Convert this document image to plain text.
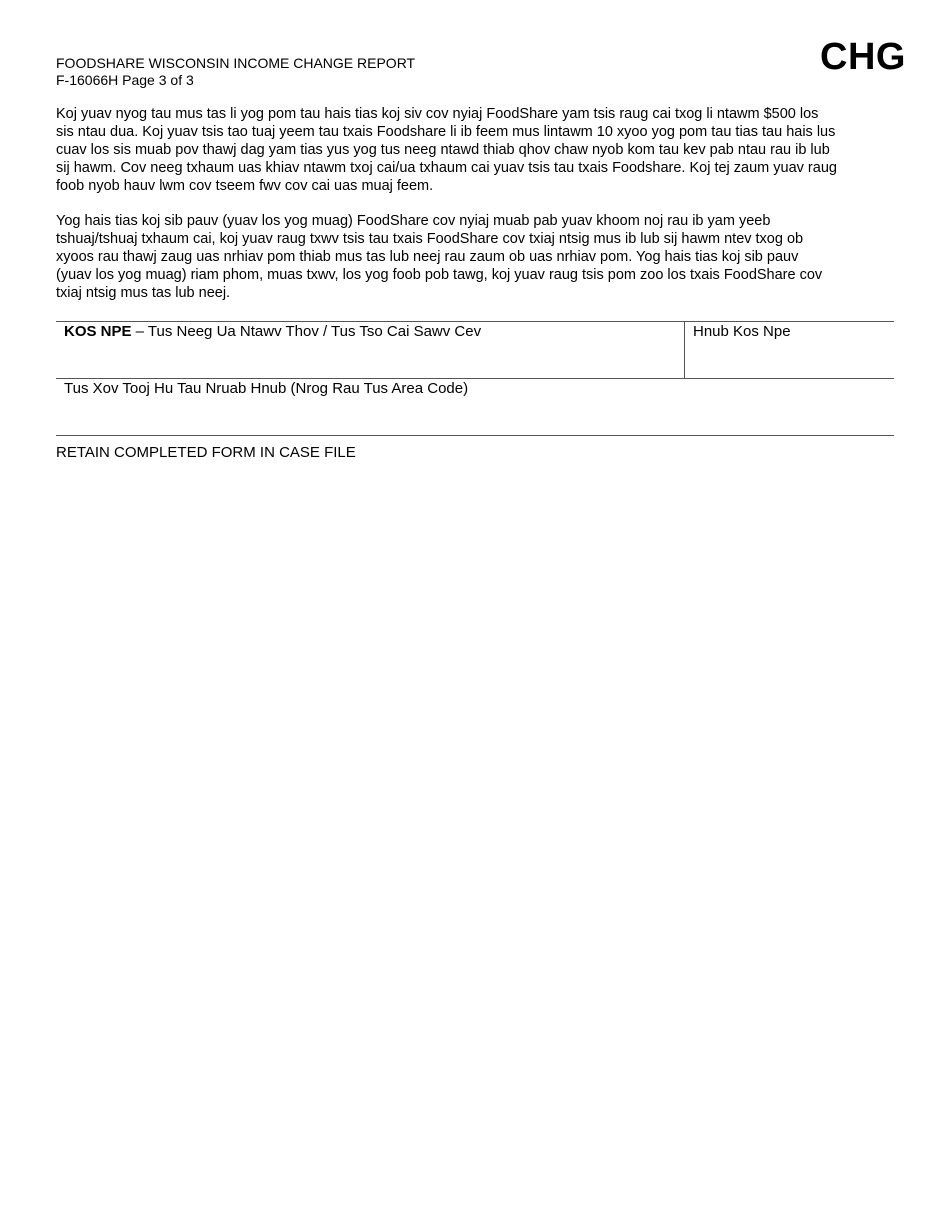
FOODSHARE WISCONSIN INCOME CHANGE REPORT
F-16066H Page 3 of 3
CHG

Koj yuav nyog tau mus tas li yog pom tau hais tias koj siv cov nyiaj FoodShare yam tsis raug cai txog li ntawm $500 los
sis ntau dua. Koj yuav tsis tao tuaj yeem tau txais Foodshare li ib feem mus lintawm 10 xyoo yog pom tau tias tau hais lus
cuav los sis muab pov thawj dag yam tias yus yog tus neeg ntawd thiab qhov chaw nyob kom tau kev pab ntau rau ib lub
sij hawm. Cov neeg txhaum uas khiav ntawm txoj cai/ua txhaum cai yuav tsis tau txais Foodshare. Koj tej zaum yuav raug
foob nyob hauv lwm cov tseem fwv cov cai uas muaj feem.

Yog hais tias koj sib pauv (yuav los yog muag) FoodShare cov nyiaj muab pab yuav khoom noj rau ib yam yeeb
tshuaj/tshuaj txhaum cai, koj yuav raug txwv tsis tau txais FoodShare cov txiaj ntsig mus ib lub sij hawm ntev txog ob
xyoos rau thawj zaug uas nrhiav pom thiab mus tas lub neej rau zaum ob uas nrhiav pom. Yog hais tias koj sib pauv
(yuav los yog muag) riam phom, muas txwv, los yog foob pob tawg, koj yuav raug tsis pom zoo los txais FoodShare cov
txiaj ntsig mus tas lub neej.

KOS NPE – Tus Neeg Ua Ntawv Thov / Tus Tso Cai Sawv Cev	Hnub Kos Npe
Tus Xov Tooj Hu Tau Nruab Hnub (Nrog Rau Tus Area Code)
RETAIN COMPLETED FORM IN CASE FILE
